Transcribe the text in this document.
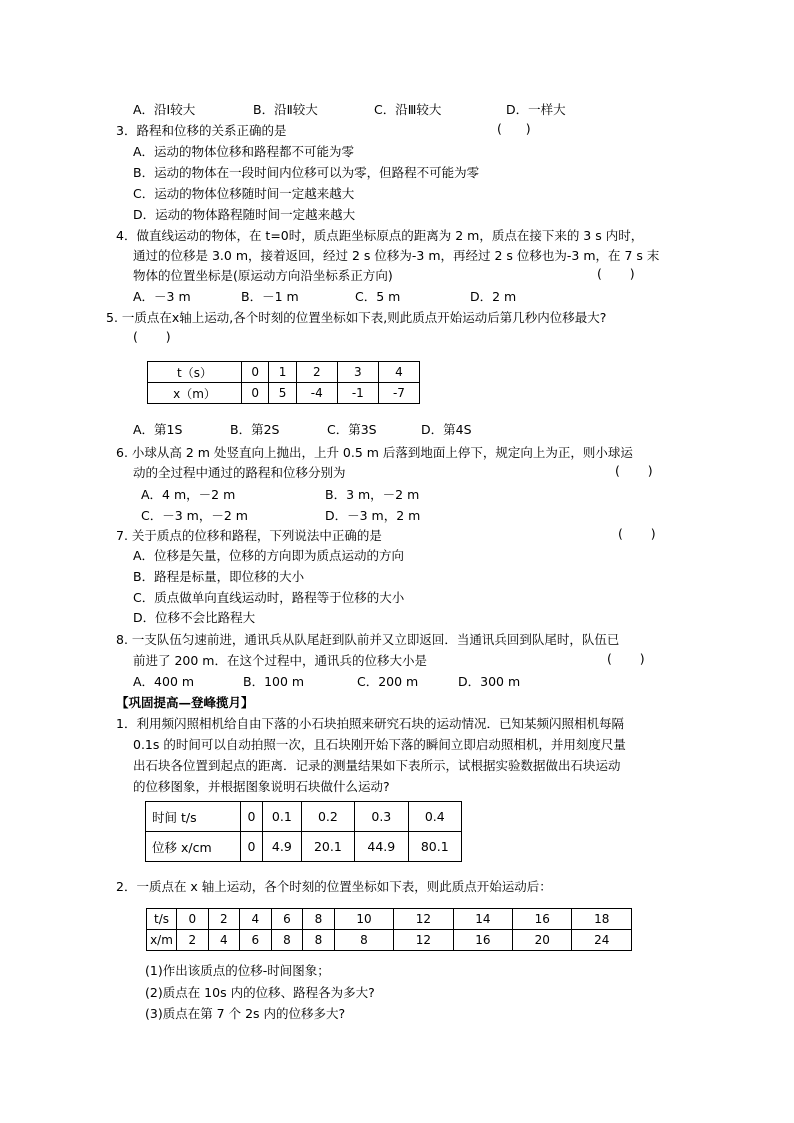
A．沿Ⅰ较大	B．沿Ⅱ较大	C．沿Ⅲ较大	D．一样大
3．路程和位移的关系正确的是	(      )
A．运动的物体位移和路程都不可能为零
B．运动的物体在一段时间内位移可以为零，但路程不可能为零
C．运动的物体位移随时间一定越来越大
D．运动的物体路程随时间一定越来越大
4．做直线运动的物体，在 t=0时，质点距坐标原点的距离为 2 m，质点在接下来的 3 s 内时，
通过的位移是 3.0 m，接着返回，经过 2 s 位移为-3 m，再经过 2 s 位移也为-3 m，在 7 s 末
物体的位置坐标是(原运动方向沿坐标系正方向)	(       )
A．－3 m	B．－1 m	C．5 m	D．2 m
5. 一质点在x轴上运动,各个时刻的位置坐标如下表,则此质点开始运动后第几秒内位移最大?
(       )
t（s）	0	1	2	3	4
x（m）	0	5	-4	-1	-7
A．第1S	B．第2S	C．第3S	D．第4S
6. 小球从高 2 m 处竖直向上抛出，上升 0.5 m 后落到地面上停下，规定向上为正，则小球运
动的全过程中通过的路程和位移分别为	(       )
A．4 m，－2 m	B．3 m，－2 m
C．－3 m，－2 m	D．－3 m，2 m
7. 关于质点的位移和路程，下列说法中正确的是	(       )
A．位移是矢量，位移的方向即为质点运动的方向
B．路程是标量，即位移的大小
C．质点做单向直线运动时，路程等于位移的大小
D．位移不会比路程大
8. 一支队伍匀速前进，通讯兵从队尾赶到队前并又立即返回．当通讯兵回到队尾时，队伍已
前进了 200 m．在这个过程中，通讯兵的位移大小是	(       )
A．400 m	B．100 m	C．200 m	D．300 m
【巩固提高—登峰揽月】
1．利用频闪照相机给自由下落的小石块拍照来研究石块的运动情况．已知某频闪照相机每隔
0.1s 的时间可以自动拍照一次，且石块刚开始下落的瞬间立即启动照相机，并用刻度尺量
出石块各位置到起点的距离．记录的测量结果如下表所示，试根据实验数据做出石块运动
的位移图象，并根据图象说明石块做什么运动?
时间 t/s	0	0.1	0.2	0.3	0.4
位移 x/cm	0	4.9	20.1	44.9	80.1
2．一质点在 x 轴上运动，各个时刻的位置坐标如下表，则此质点开始运动后：
t/s	0	2	4	6	8	10	12	14	16	18
x/m	2	4	6	8	8	8	12	16	20	24
(1)作出该质点的位移-时间图象；
(2)质点在 10s 内的位移、路程各为多大?
(3)质点在第 7 个 2s 内的位移多大?
